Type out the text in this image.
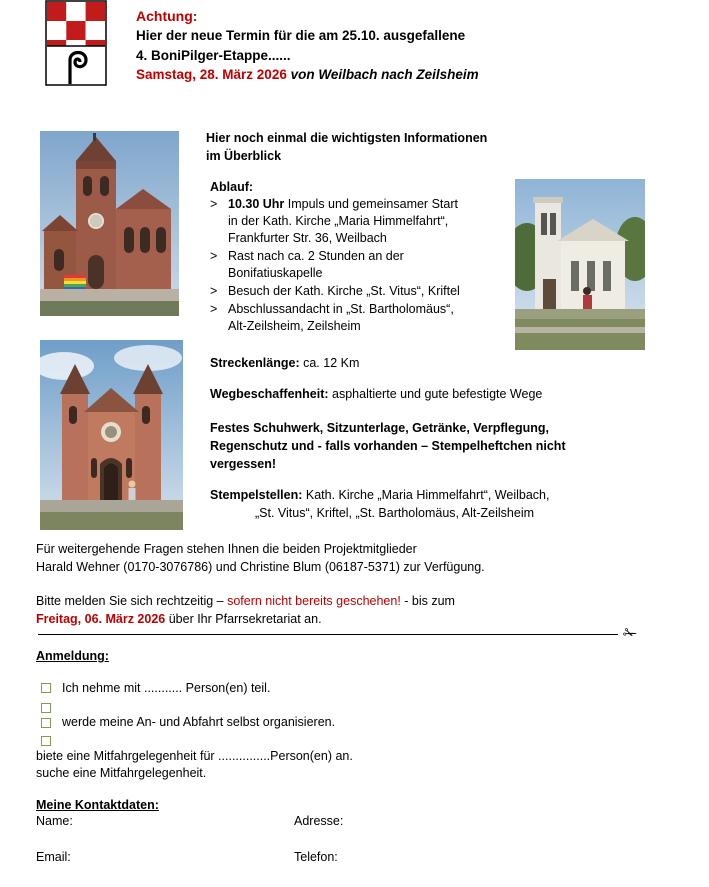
Achtung:
Hier der neue Termin für die am 25.10. ausgefallene
4. BoniPilger-Etappe......
Samstag, 28. März 2026 von Weilbach nach Zeilsheim
Hier noch einmal die wichtigsten Informationen
im Überblick
Ablauf:
> 10.30 Uhr Impuls und gemeinsamer Start
in der Kath. Kirche „Maria Himmelfahrt“,
Frankfurter Str. 36, Weilbach
> Rast nach ca. 2 Stunden an der
Bonifatiuskapelle
> Besuch der Kath. Kirche „St. Vitus“, Kriftel
> Abschlussandacht in „St. Bartholomäus“,
Alt-Zeilsheim, Zeilsheim
Streckenlänge: ca. 12 Km
Wegbeschaffenheit: asphaltierte und gute befestigte Wege
Festes Schuhwerk, Sitzunterlage, Getränke, Verpflegung,
Regenschutz und - falls vorhanden – Stempelheftchen nicht
vergessen!
Stempelstellen: Kath. Kirche „Maria Himmelfahrt“, Weilbach,
„St. Vitus“, Kriftel, „St. Bartholomäus, Alt-Zeilsheim
Für weitergehende Fragen stehen Ihnen die beiden Projektmitglieder
Harald Wehner (0170-3076786) und Christine Blum (06187-5371) zur Verfügung.
Bitte melden Sie sich rechtzeitig – sofern nicht bereits geschehen! - bis zum
Freitag, 06. März 2026 über Ihr Pfarrsekretariat an.
✁
Anmeldung:
Ich nehme mit ........... Person(en) teil.
werde meine An- und Abfahrt selbst organisieren.
biete eine Mitfahrgelegenheit für ...............Person(en) an.
suche eine Mitfahrgelegenheit.
Meine Kontaktdaten:
Name:	Adresse:
Email:	Telefon:
